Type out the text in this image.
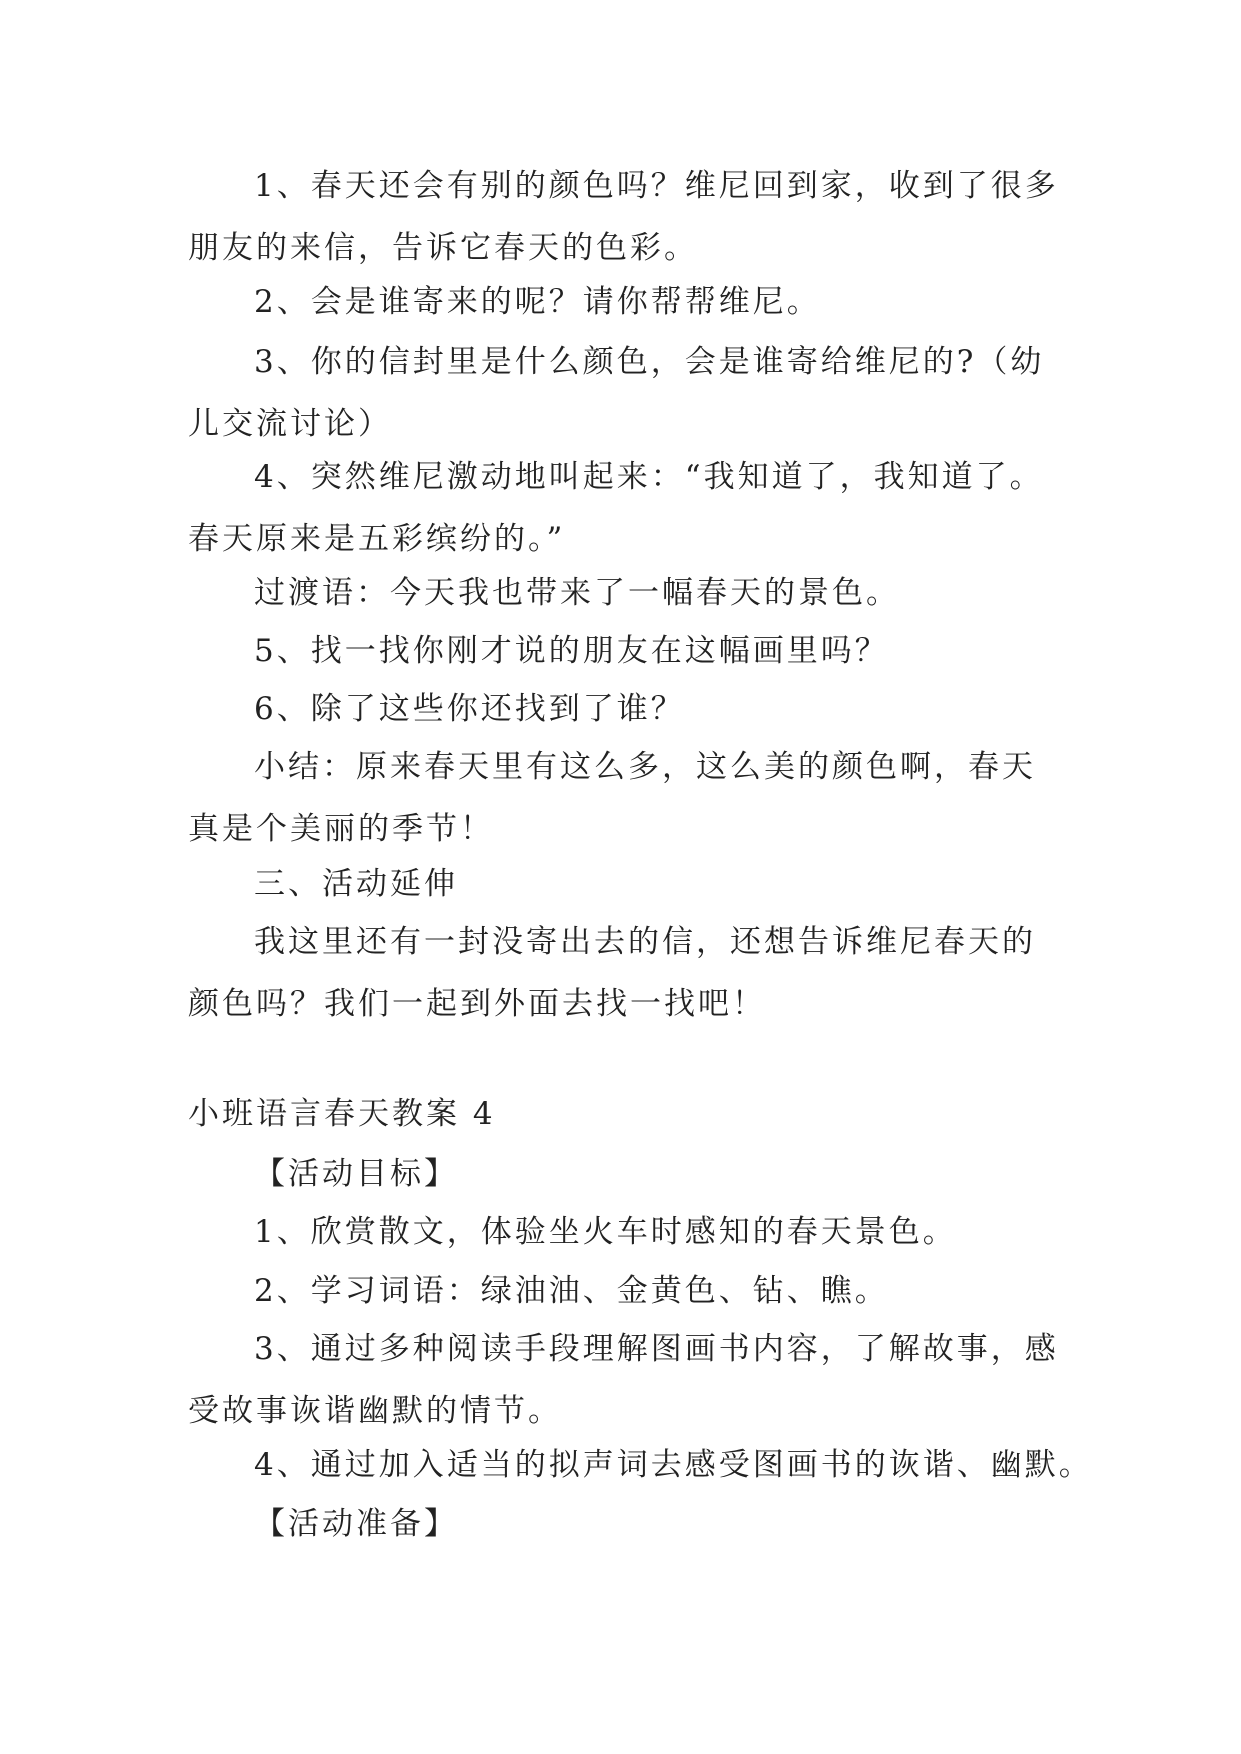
1、春天还会有别的颜色吗？维尼回到家，收到了很多朋友的来信，告诉它春天的色彩。
2、会是谁寄来的呢？请你帮帮维尼。
3、你的信封里是什么颜色，会是谁寄给维尼的?（幼儿交流讨论）
4、突然维尼激动地叫起来：“我知道了，我知道了。春天原来是五彩缤纷的。”
过渡语：今天我也带来了一幅春天的景色。
5、找一找你刚才说的朋友在这幅画里吗？
6、除了这些你还找到了谁？
小结：原来春天里有这么多，这么美的颜色啊，春天真是个美丽的季节！
三、活动延伸
我这里还有一封没寄出去的信，还想告诉维尼春天的颜色吗？我们一起到外面去找一找吧！
小班语言春天教案 4
【活动目标】
1、欣赏散文，体验坐火车时感知的春天景色。
2、学习词语：绿油油、金黄色、钻、瞧。
3、通过多种阅读手段理解图画书内容，了解故事，感受故事诙谐幽默的情节。
4、通过加入适当的拟声词去感受图画书的诙谐、幽默。
【活动准备】
